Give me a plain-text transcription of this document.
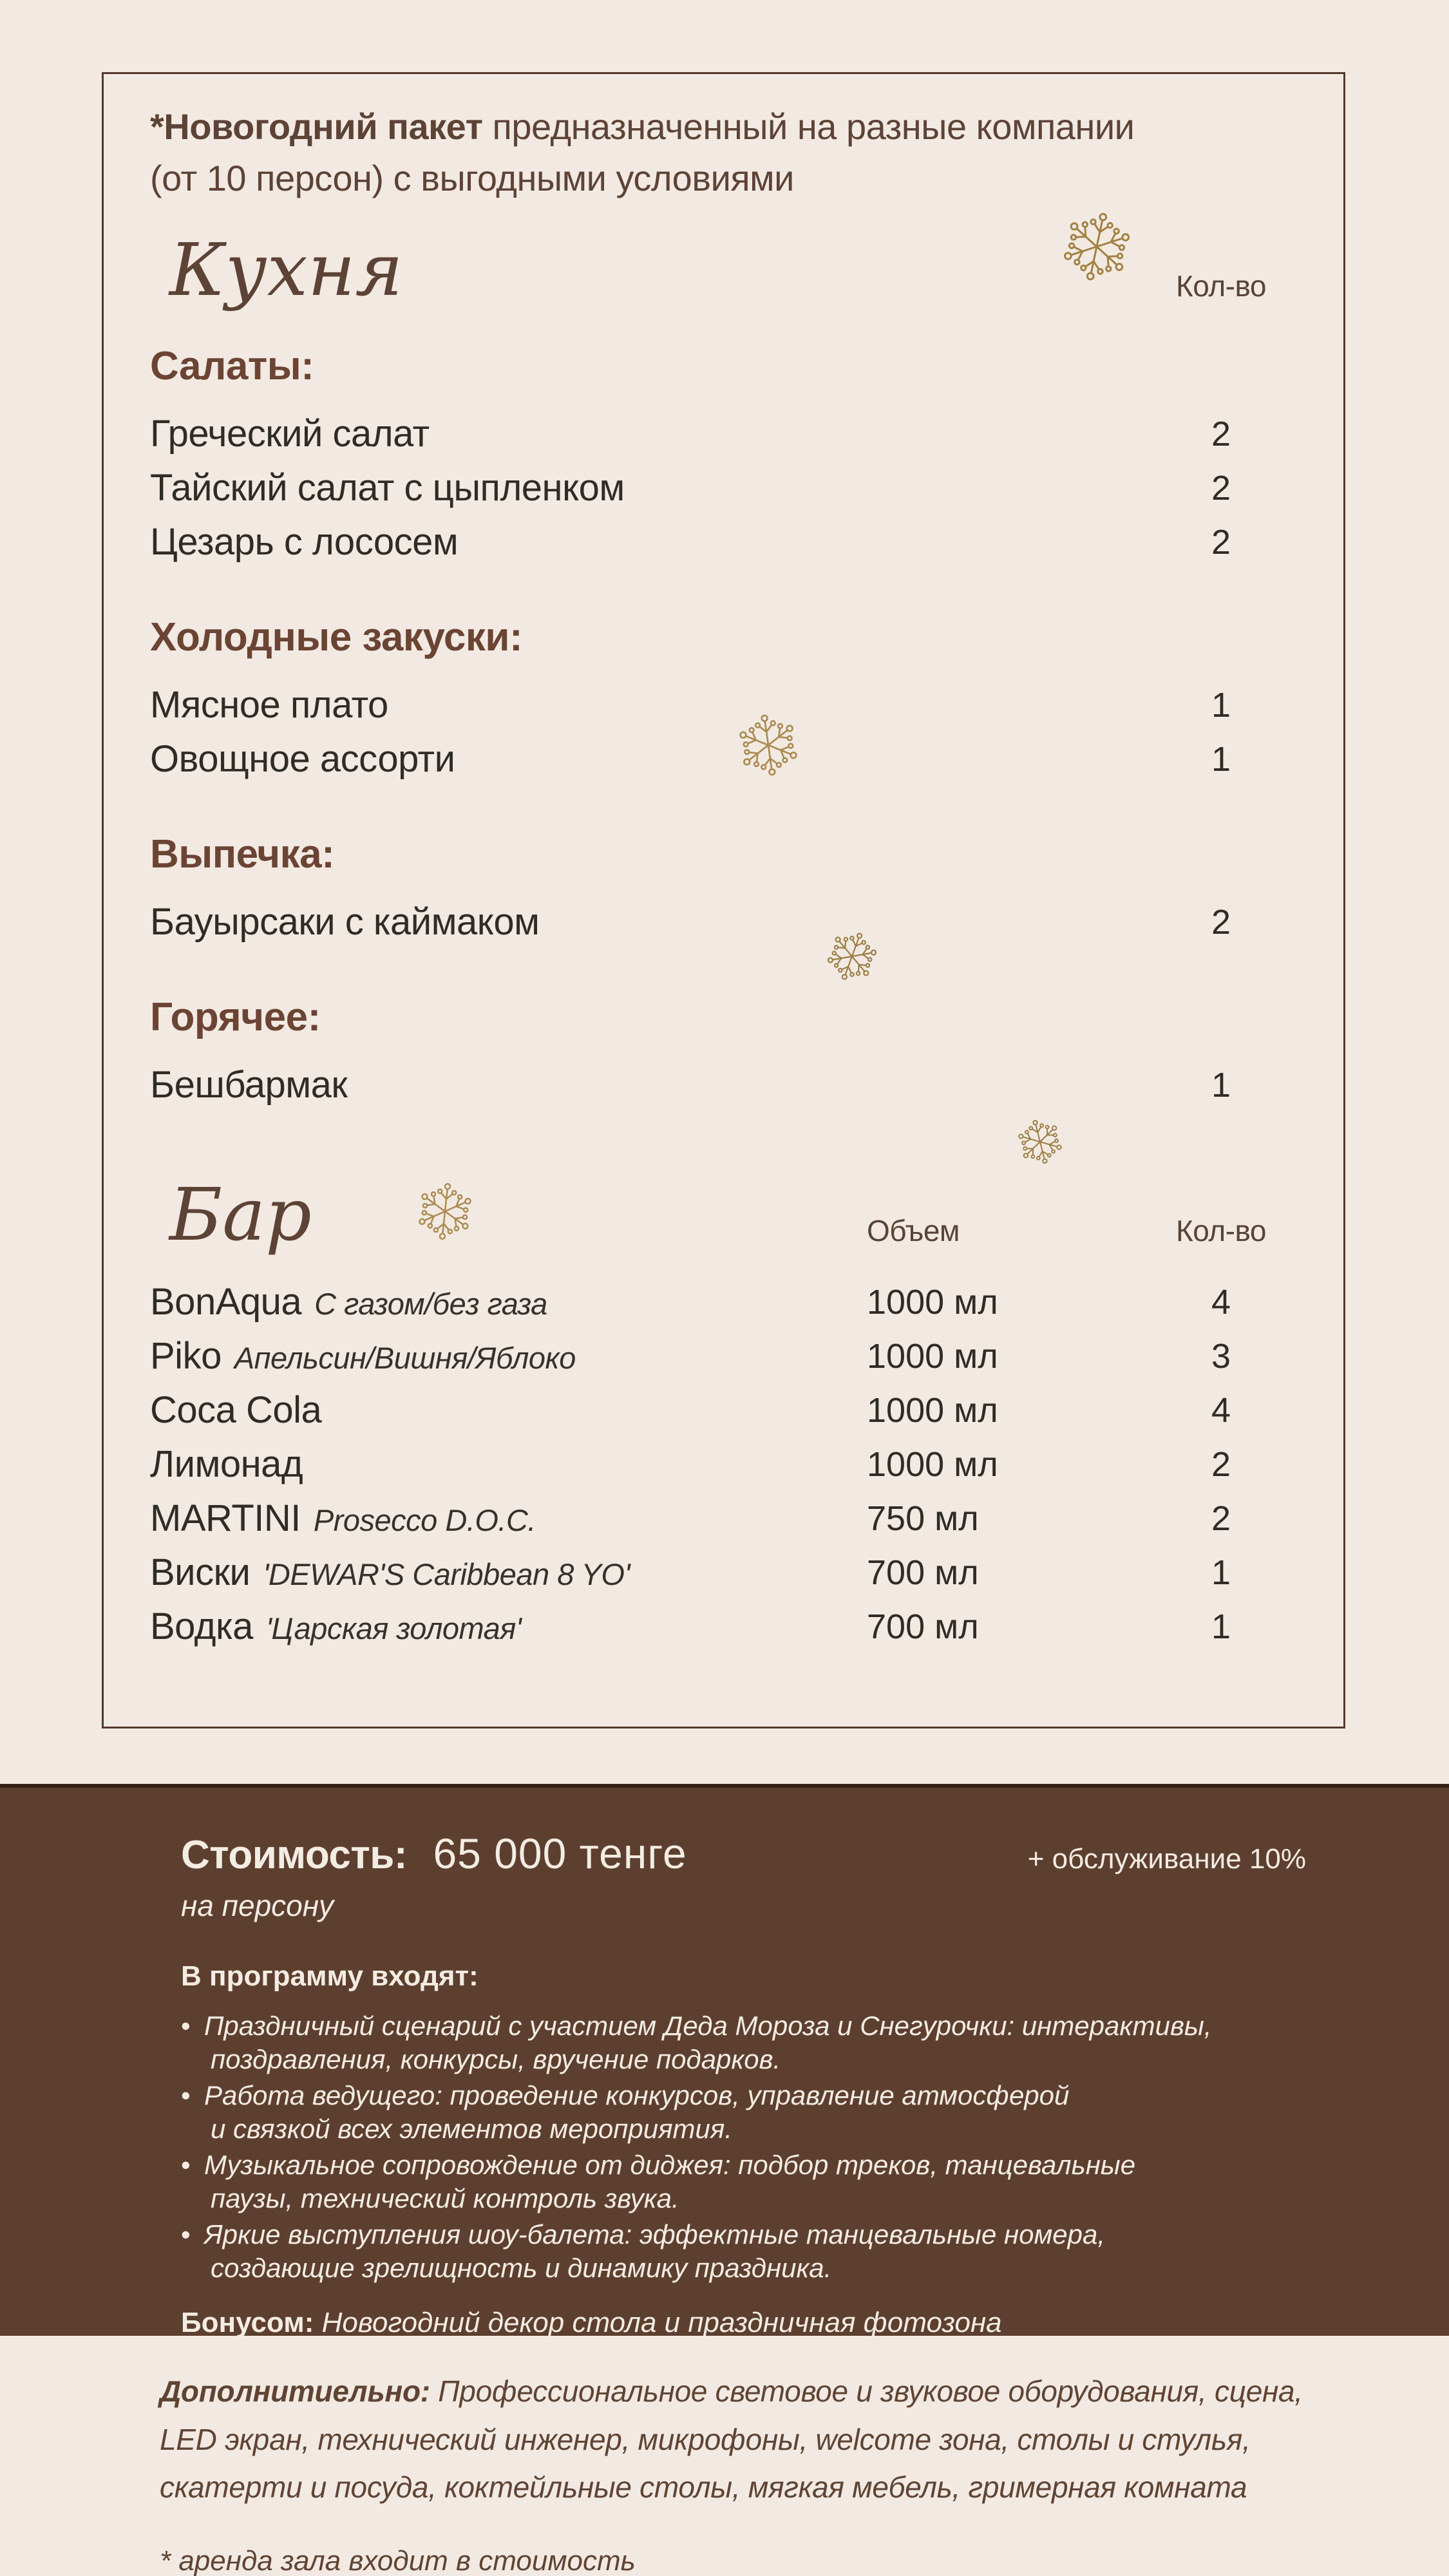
*Новогодний пакет предназначенный на разные компании
(от 10 персон) с выгодными условиями
Кухня	Кол-во
Салаты:
Греческий салат	2
Тайский салат с цыпленком	2
Цезарь с лососем	2
Холодные закуски:
Мясное плато	1
Овощное ассорти	1
Выпечка:
Бауырсаки с каймаком	2
Горячее:
Бешбармак	1
Бар	Объем	Кол-во
BonAqua С газом/без газа	1000 мл	4
Piko Апельсин/Вишня/Яблоко	1000 мл	3
Coca Cola	1000 мл	4
Лимонад	1000 мл	2
MARTINI Prosecco D.O.C.	750 мл	2
Виски 'DEWAR'S Caribbean 8 YO'	700 мл	1
Водка 'Царская золотая'	700 мл	1
Стоимость: 65 000 тенге	+ обслуживание 10%
на персону
В программу входят:
• Праздничный сценарий с участием Деда Мороза и Снегурочки: интерактивы,
поздравления, конкурсы, вручение подарков.
• Работа ведущего: проведение конкурсов, управление атмосферой
и связкой всех элементов мероприятия.
• Музыкальное сопровождение от диджея: подбор треков, танцевальные
паузы, технический контроль звука.
• Яркие выступления шоу-балета: эффектные танцевальные номера,
создающие зрелищность и динамику праздника.
Бонусом: Новогодний декор стола и праздничная фотозона
Дополнитиельно: Профессиональное световое и звуковое оборудования, сцена,
LED экран, технический инженер, микрофоны, welcome зона, столы и стулья,
скатерти и посуда, коктейльные столы, мягкая мебель, гримерная комната
* аренда зала входит в стоимость
